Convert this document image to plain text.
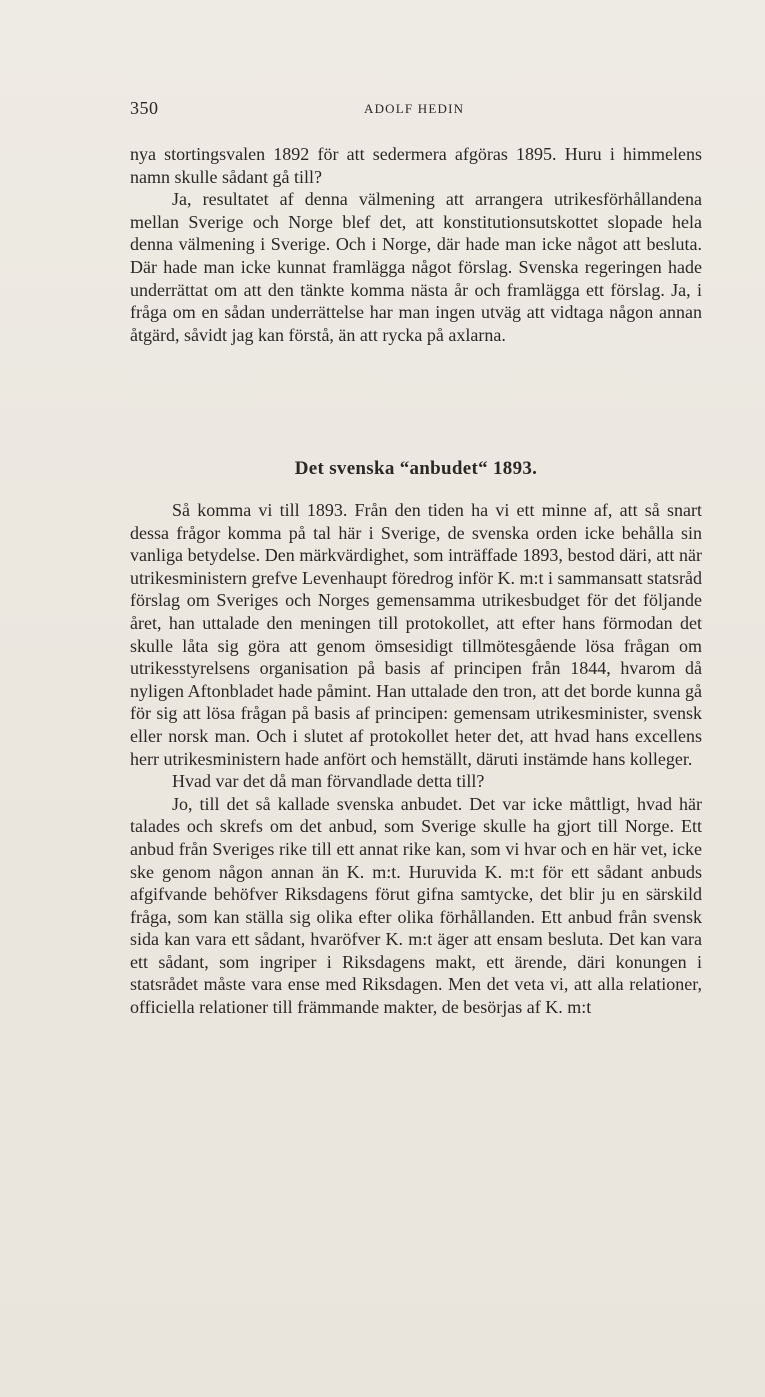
350	ADOLF HEDIN

nya stortingsvalen 1892 för att sedermera afgöras 1895. Huru i himmelens namn skulle sådant gå till?

Ja, resultatet af denna välmening att arrangera utrikesförhållandena mellan Sverige och Norge blef det, att konstitutionsutskottet slopade hela denna välmening i Sverige. Och i Norge, där hade man icke något att besluta. Där hade man icke kunnat framlägga något förslag. Svenska regeringen hade underrättat om att den tänkte komma nästa år och framlägga ett förslag. Ja, i fråga om en sådan underrättelse har man ingen utväg att vidtaga någon annan åtgärd, såvidt jag kan förstå, än att rycka på axlarna.

Det svenska “anbudet“ 1893.

Så komma vi till 1893. Från den tiden ha vi ett minne af, att så snart dessa frågor komma på tal här i Sverige, de svenska orden icke behålla sin vanliga betydelse. Den märkvärdighet, som inträffade 1893, bestod däri, att när utrikesministern grefve Levenhaupt föredrog inför K. m:t i sammansatt statsråd förslag om Sveriges och Norges gemensamma utrikesbudget för det följande året, han uttalade den meningen till protokollet, att efter hans förmodan det skulle låta sig göra att genom ömsesidigt tillmötesgående lösa frågan om utrikesstyrelsens organisation på basis af principen från 1844, hvarom då nyligen Aftonbladet hade påmint. Han uttalade den tron, att det borde kunna gå för sig att lösa frågan på basis af principen: gemensam utrikesminister, svensk eller norsk man. Och i slutet af protokollet heter det, att hvad hans excellens herr utrikesministern hade anfört och hemställt, däruti instämde hans kolleger.

Hvad var det då man förvandlade detta till?

Jo, till det så kallade svenska anbudet. Det var icke måttligt, hvad här talades och skrefs om det anbud, som Sverige skulle ha gjort till Norge. Ett anbud från Sveriges rike till ett annat rike kan, som vi hvar och en här vet, icke ske genom någon annan än K. m:t. Huruvida K. m:t för ett sådant anbuds afgifvande behöfver Riksdagens förut gifna samtycke, det blir ju en särskild fråga, som kan ställa sig olika efter olika förhållanden. Ett anbud från svensk sida kan vara ett sådant, hvaröfver K. m:t äger att ensam besluta. Det kan vara ett sådant, som ingriper i Riksdagens makt, ett ärende, däri konungen i statsrådet måste vara ense med Riksdagen. Men det veta vi, att alla relationer, officiella relationer till främmande makter, de besörjas af K. m:t
